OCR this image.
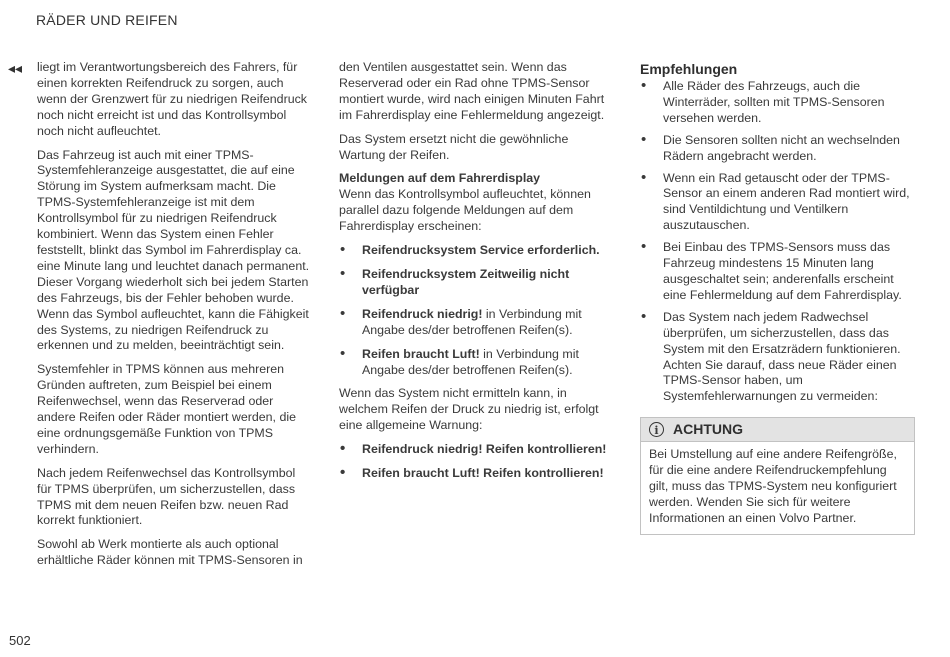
RÄDER UND REIFEN
◂◂ liegt im Verantwortungsbereich des Fahrers, für einen korrekten Reifendruck zu sorgen, auch wenn der Grenzwert für zu niedrigen Reifendruck noch nicht erreicht ist und das Kontrollsymbol noch nicht aufleuchtet.

Das Fahrzeug ist auch mit einer TPMS-Systemfehleranzeige ausgestattet, die auf eine Störung im System aufmerksam macht. Die TPMS-Systemfehleranzeige ist mit dem Kontrollsymbol für zu niedrigen Reifendruck kombiniert. Wenn das System einen Fehler feststellt, blinkt das Symbol im Fahrerdisplay ca. eine Minute lang und leuchtet danach permanent. Dieser Vorgang wiederholt sich bei jedem Starten des Fahrzeugs, bis der Fehler behoben wurde. Wenn das Symbol aufleuchtet, kann die Fähigkeit des Systems, zu niedrigen Reifendruck zu erkennen und zu melden, beeinträchtigt sein.

Systemfehler in TPMS können aus mehreren Gründen auftreten, zum Beispiel bei einem Reifenwechsel, wenn das Reserverad oder andere Reifen oder Räder montiert werden, die eine ordnungsgemäße Funktion von TPMS verhindern.

Nach jedem Reifenwechsel das Kontrollsymbol für TPMS überprüfen, um sicherzustellen, dass TPMS mit dem neuen Reifen bzw. neuen Rad korrekt funktioniert.

Sowohl ab Werk montierte als auch optional erhältliche Räder können mit TPMS-Sensoren in

den Ventilen ausgestattet sein. Wenn das Reserverad oder ein Rad ohne TPMS-Sensor montiert wurde, wird nach einigen Minuten Fahrt im Fahrerdisplay eine Fehlermeldung angezeigt.

Das System ersetzt nicht die gewöhnliche Wartung der Reifen.

Meldungen auf dem Fahrerdisplay

Wenn das Kontrollsymbol aufleuchtet, können parallel dazu folgende Meldungen auf dem Fahrerdisplay erscheinen:

• Reifendrucksystem Service erforderlich.
• Reifendrucksystem Zeitweilig nicht verfügbar
• Reifendruck niedrig! in Verbindung mit Angabe des/der betroffenen Reifen(s).
• Reifen braucht Luft! in Verbindung mit Angabe des/der betroffenen Reifen(s).

Wenn das System nicht ermitteln kann, in welchem Reifen der Druck zu niedrig ist, erfolgt eine allgemeine Warnung:

• Reifendruck niedrig! Reifen kontrollieren!
• Reifen braucht Luft! Reifen kontrollieren!
Empfehlungen
• Alle Räder des Fahrzeugs, auch die Winterräder, sollten mit TPMS-Sensoren versehen werden.
• Die Sensoren sollten nicht an wechselnden Rädern angebracht werden.
• Wenn ein Rad getauscht oder der TPMS-Sensor an einem anderen Rad montiert wird, sind Ventildichtung und Ventilkern auszutauschen.
• Bei Einbau des TPMS-Sensors muss das Fahrzeug mindestens 15 Minuten lang ausgeschaltet sein; anderenfalls erscheint eine Fehlermeldung auf dem Fahrerdisplay.
• Das System nach jedem Radwechsel überprüfen, um sicherzustellen, dass das System mit den Ersatzrädern funktionieren. Achten Sie darauf, dass neue Räder einen TPMS-Sensor haben, um Systemfehlerwarnungen zu vermeiden:
i	ACHTUNG
Bei Umstellung auf eine andere Reifengröße, für die eine andere Reifendruckempfehlung gilt, muss das TPMS-System neu konfiguriert werden. Wenden Sie sich für weitere Informationen an einen Volvo Partner.
502
